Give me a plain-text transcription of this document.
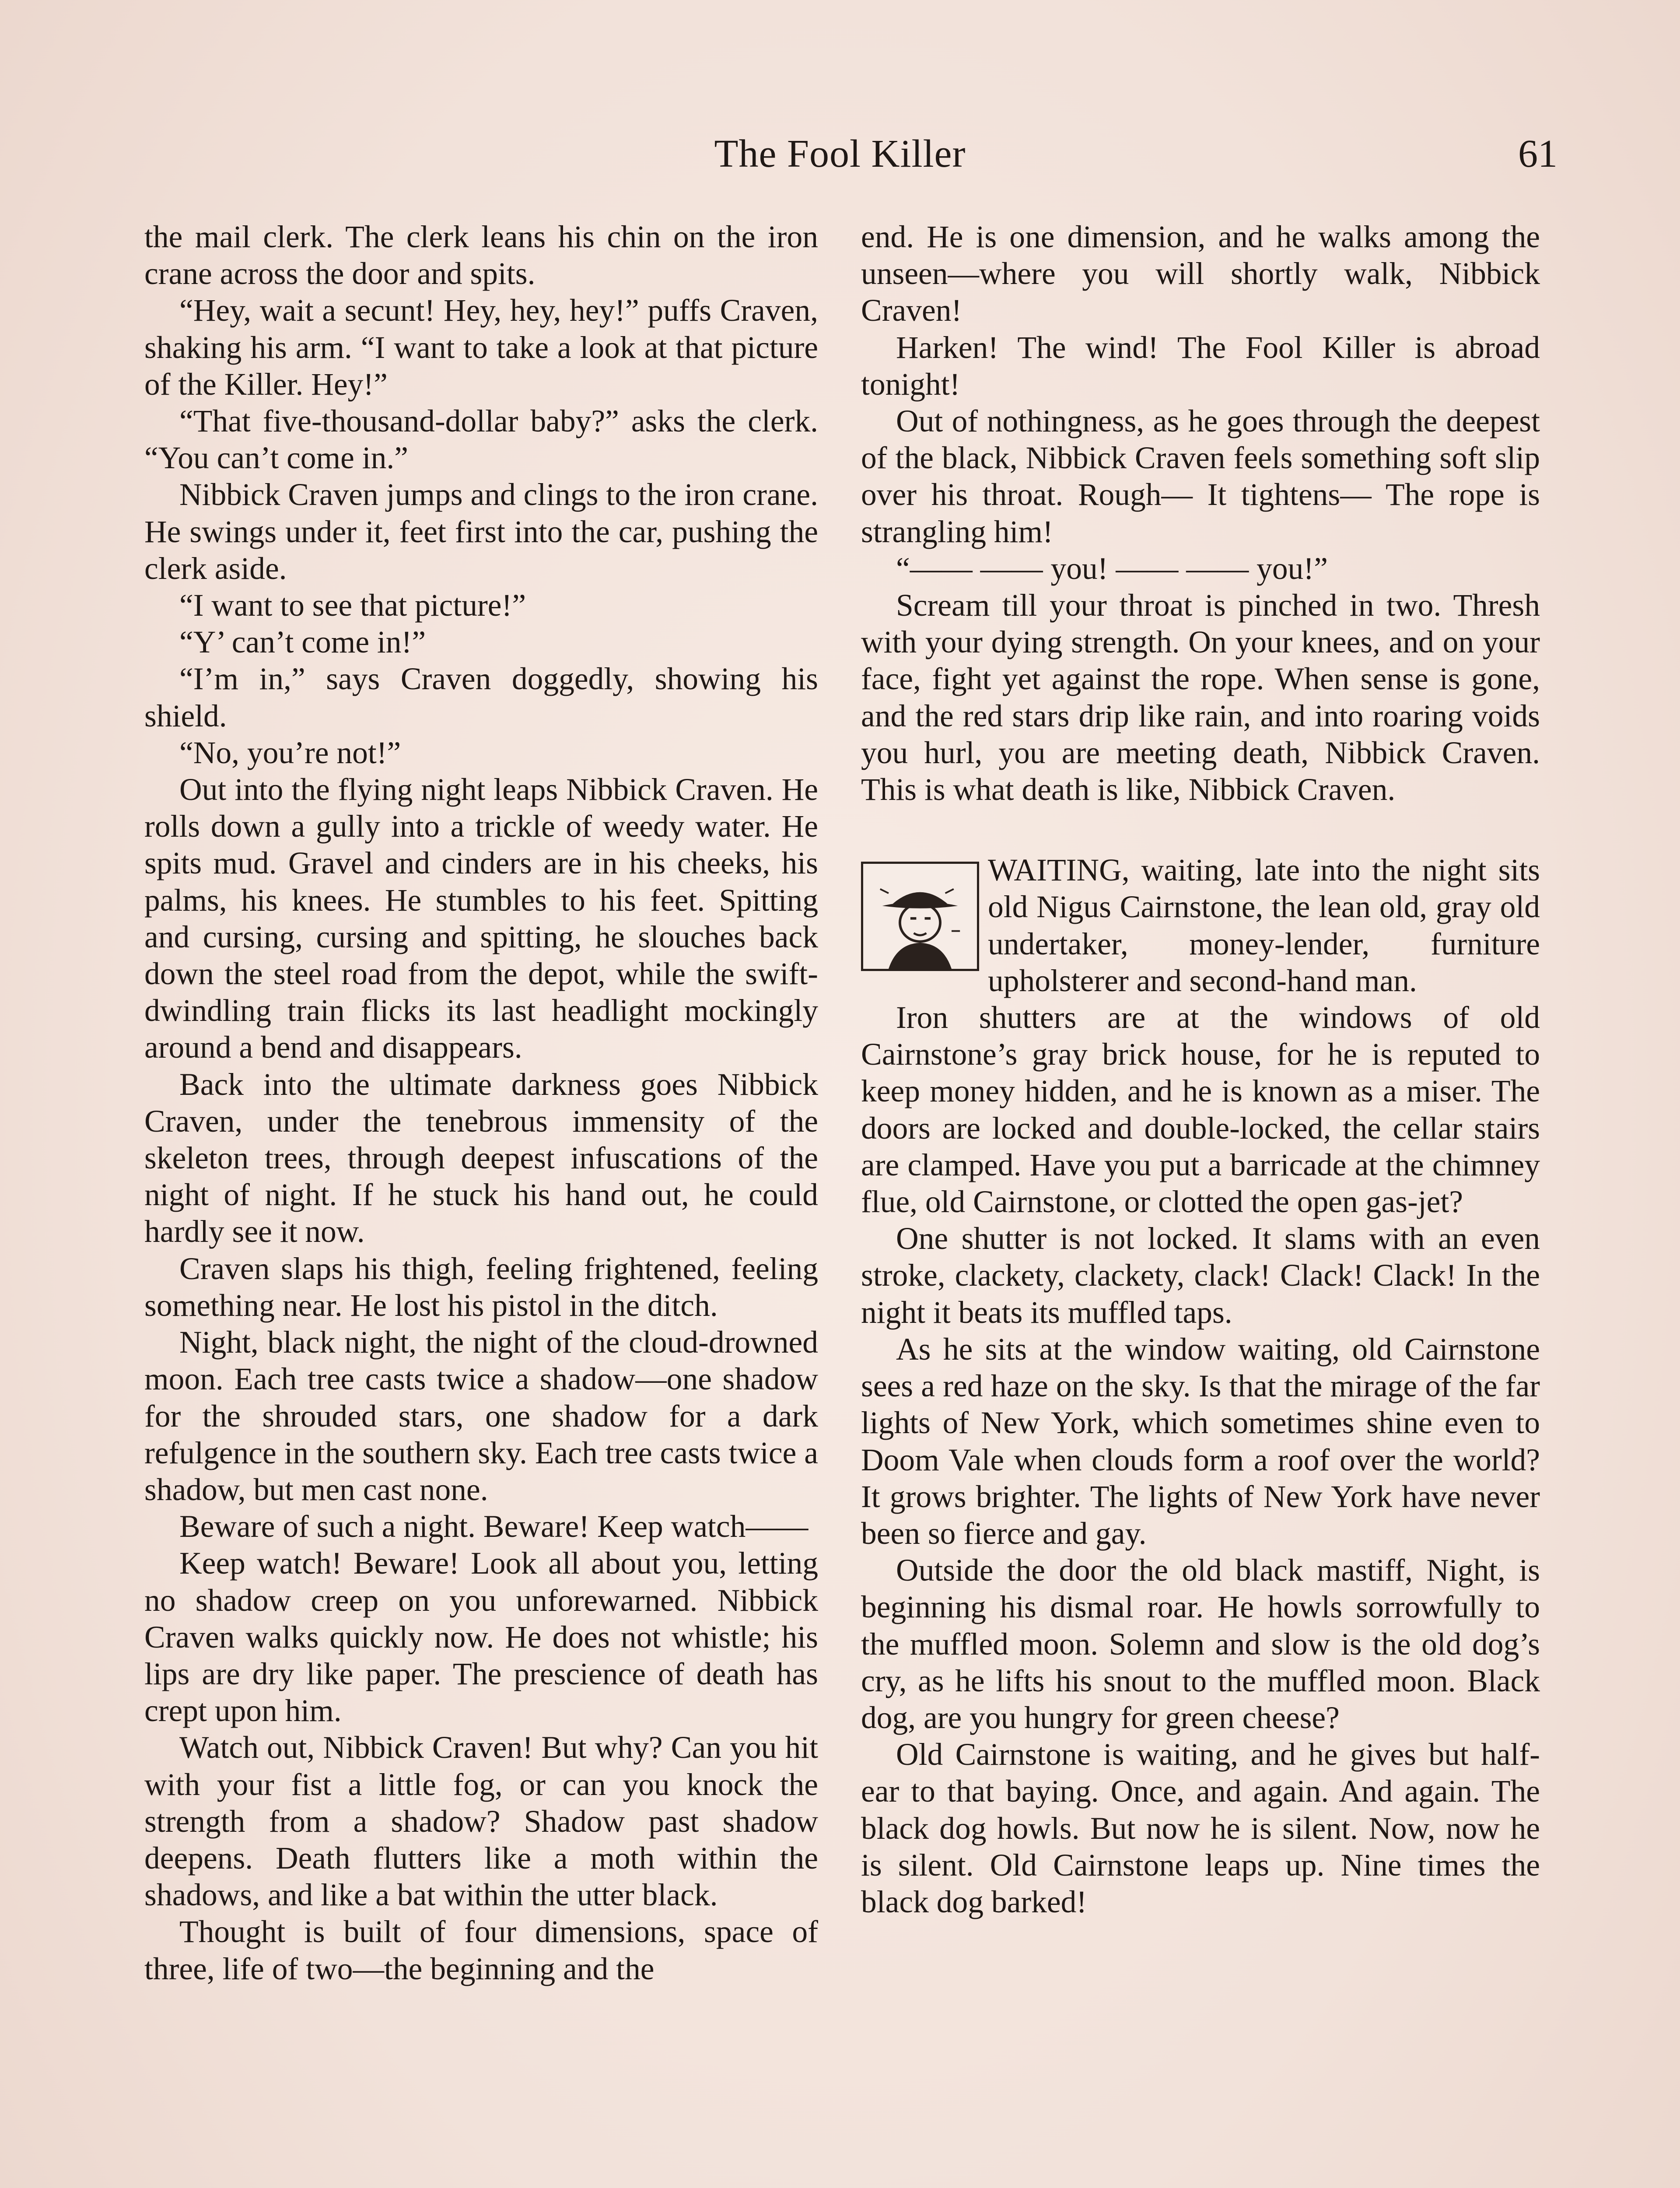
The Fool Killer	61

the mail clerk. The clerk leans his chin on the iron crane across the door and spits.

“Hey, wait a secunt! Hey, hey, hey!” puffs Craven, shaking his arm. “I want to take a look at that picture of the Killer. Hey!”

“That five-thousand-dollar baby?” asks the clerk. “You can’t come in.”

Nibbick Craven jumps and clings to the iron crane. He swings under it, feet first into the car, pushing the clerk aside.

“I want to see that picture!”

“Y’ can’t come in!”

“I’m in,” says Craven doggedly, showing his shield.

“No, you’re not!”

Out into the flying night leaps Nibbick Craven. He rolls down a gully into a trickle of weedy water. He spits mud. Gravel and cinders are in his cheeks, his palms, his knees. He stumbles to his feet. Spitting and cursing, cursing and spitting, he slouches back down the steel road from the depot, while the swift-dwindling train flicks its last headlight mockingly around a bend and disappears.

Back into the ultimate darkness goes Nibbick Craven, under the tenebrous immensity of the skeleton trees, through deepest infuscations of the night of night. If he stuck his hand out, he could hardly see it now.

Craven slaps his thigh, feeling frightened, feeling something near. He lost his pistol in the ditch.

Night, black night, the night of the cloud-drowned moon. Each tree casts twice a shadow—one shadow for the shrouded stars, one shadow for a dark refulgence in the southern sky. Each tree casts twice a shadow, but men cast none.

Beware of such a night. Beware! Keep watch——

Keep watch! Beware! Look all about you, letting no shadow creep on you unforewarned. Nibbick Craven walks quickly now. He does not whistle; his lips are dry like paper. The prescience of death has crept upon him.

Watch out, Nibbick Craven! But why? Can you hit with your fist a little fog, or can you knock the strength from a shadow? Shadow past shadow deepens. Death flutters like a moth within the shadows, and like a bat within the utter black.

Thought is built of four dimensions, space of three, life of two—the beginning and the

end. He is one dimension, and he walks among the unseen—where you will shortly walk, Nibbick Craven!

Harken! The wind! The Fool Killer is abroad tonight!

Out of nothingness, as he goes through the deepest of the black, Nibbick Craven feels something soft slip over his throat. Rough— It tightens— The rope is strangling him!

“—— —— you! —— —— you!”

Scream till your throat is pinched in two. Thresh with your dying strength. On your knees, and on your face, fight yet against the rope. When sense is gone, and the red stars drip like rain, and into roaring voids you hurl, you are meeting death, Nibbick Craven. This is what death is like, Nibbick Craven.

WAITING, waiting, late into the night sits old Nigus Cairnstone, the lean old, gray old undertaker, money-lender, furniture upholsterer and second-hand man.

Iron shutters are at the windows of old Cairnstone’s gray brick house, for he is reputed to keep money hidden, and he is known as a miser. The doors are locked and double-locked, the cellar stairs are clamped. Have you put a barricade at the chimney flue, old Cairnstone, or clotted the open gas-jet?

One shutter is not locked. It slams with an even stroke, clackety, clackety, clack! Clack! Clack! In the night it beats its muffled taps.

As he sits at the window waiting, old Cairnstone sees a red haze on the sky. Is that the mirage of the far lights of New York, which sometimes shine even to Doom Vale when clouds form a roof over the world? It grows brighter. The lights of New York have never been so fierce and gay.

Outside the door the old black mastiff, Night, is beginning his dismal roar. He howls sorrowfully to the muffled moon. Solemn and slow is the old dog’s cry, as he lifts his snout to the muffled moon. Black dog, are you hungry for green cheese?

Old Cairnstone is waiting, and he gives but half-ear to that baying. Once, and again. And again. The black dog howls. But now he is silent. Now, now he is silent. Old Cairnstone leaps up. Nine times the black dog barked!
